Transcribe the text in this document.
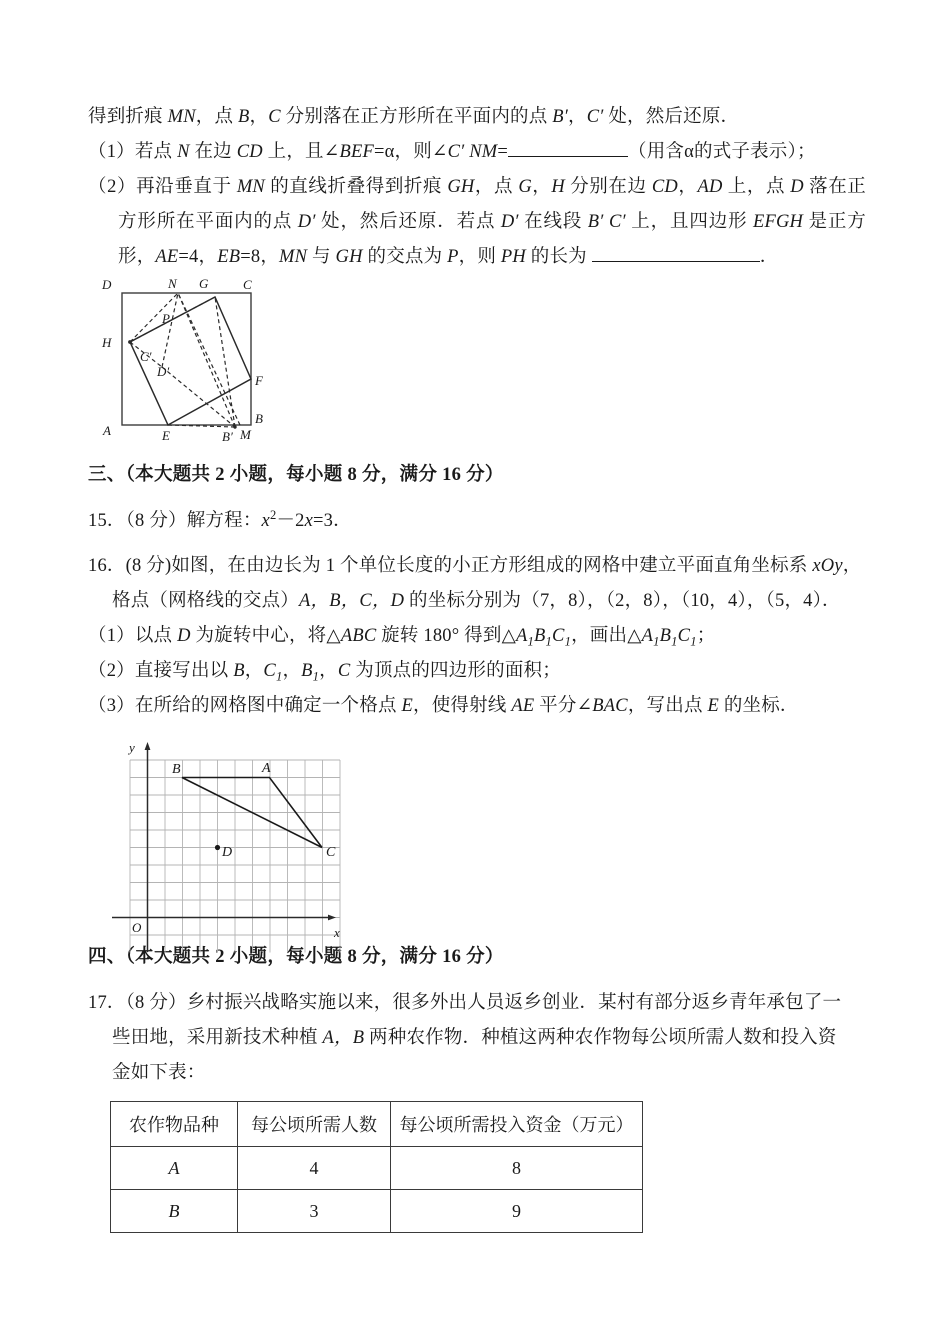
得到折痕 MN，点 B，C 分别落在正方形所在平面内的点 B′，C′ 处，然后还原．

（1）若点 N 在边 CD 上，且∠BEF=α，则∠C′ NM=	（用含α的式子表示）；

（2）再沿垂直于 MN 的直线折叠得到折痕 GH，点 G，H 分别在边 CD，AD 上，点 D 落在正方形所在平面内的点 D′ 处，然后还原．若点 D′ 在线段 B′ C′ 上，且四边形 EFGH 是正方形，AE=4，EB=8，MN 与 GH 的交点为 P，则 PH 的长为	．

D	N G	C
P
H
C′
D′
F
A
B
E	B′ M

三、（本大题共 2 小题，每小题 8 分，满分 16 分）

15．（8 分）解方程：$x^2-2x=3$．

16．(8 分)如图，在由边长为 1 个单位长度的小正方形组成的网格中建立平面直角坐标系 xOy，

格点（网格线的交点）A，B，C，D 的坐标分别为（7，8），（2，8），（10，4），（5，4）．

（1）以点 D 为旋转中心，将△ABC 旋转 180° 得到$\triangle A_1B_1C_1$，画出$\triangle A_1B_1C_1$；

（2）直接写出以 B，$C_1$，$B_1$，C 为顶点的四边形的面积；

（3）在所给的网格图中确定一个格点 E，使得射线 AE 平分∠BAC，写出点 E 的坐标．

y
x
O
B	A
C
D

四、（本大题共 2 小题，每小题 8 分，满分 16 分）

17．（8 分）乡村振兴战略实施以来，很多外出人员返乡创业．某村有部分返乡青年承包了一

些田地，采用新技术种植 A，B 两种农作物．种植这两种农作物每公顷所需人数和投入资

金如下表：

农作物品种	每公顷所需人数	每公顷所需投入资金（万元）
A	4	8
B	3	9
